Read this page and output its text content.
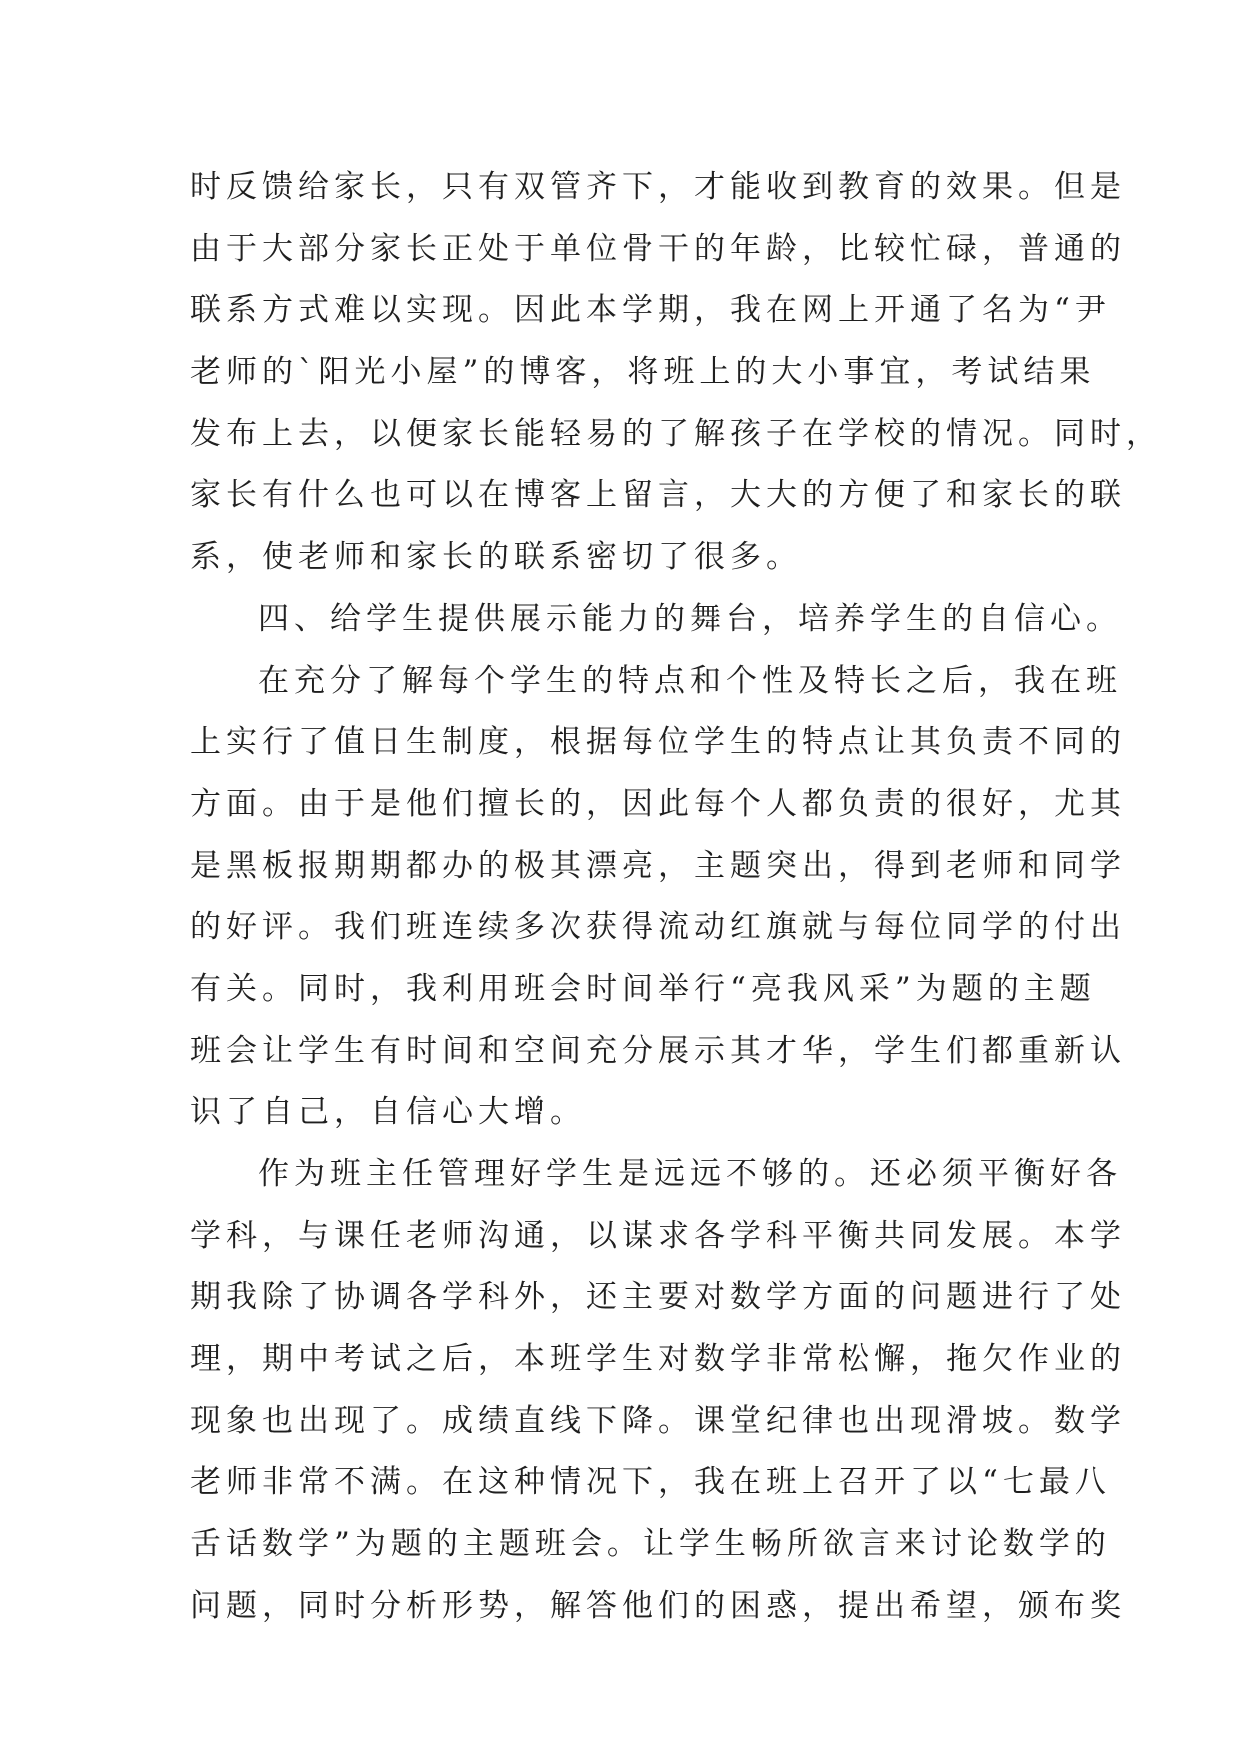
时反馈给家长，只有双管齐下，才能收到教育的效果。但是
由于大部分家长正处于单位骨干的年龄，比较忙碌，普通的
联系方式难以实现。因此本学期，我在网上开通了名为“尹
老师的`阳光小屋”的博客，将班上的大小事宜，考试结果
发布上去，以便家长能轻易的了解孩子在学校的情况。同时，
家长有什么也可以在博客上留言，大大的方便了和家长的联
系，使老师和家长的联系密切了很多。
四、给学生提供展示能力的舞台，培养学生的自信心。
在充分了解每个学生的特点和个性及特长之后，我在班
上实行了值日生制度，根据每位学生的特点让其负责不同的
方面。由于是他们擅长的，因此每个人都负责的很好，尤其
是黑板报期期都办的极其漂亮，主题突出，得到老师和同学
的好评。我们班连续多次获得流动红旗就与每位同学的付出
有关。同时，我利用班会时间举行“亮我风采”为题的主题
班会让学生有时间和空间充分展示其才华，学生们都重新认
识了自己，自信心大增。
作为班主任管理好学生是远远不够的。还必须平衡好各
学科，与课任老师沟通，以谋求各学科平衡共同发展。本学
期我除了协调各学科外，还主要对数学方面的问题进行了处
理，期中考试之后，本班学生对数学非常松懈，拖欠作业的
现象也出现了。成绩直线下降。课堂纪律也出现滑坡。数学
老师非常不满。在这种情况下，我在班上召开了以“七最八
舌话数学”为题的主题班会。让学生畅所欲言来讨论数学的
问题，同时分析形势，解答他们的困惑，提出希望，颁布奖
